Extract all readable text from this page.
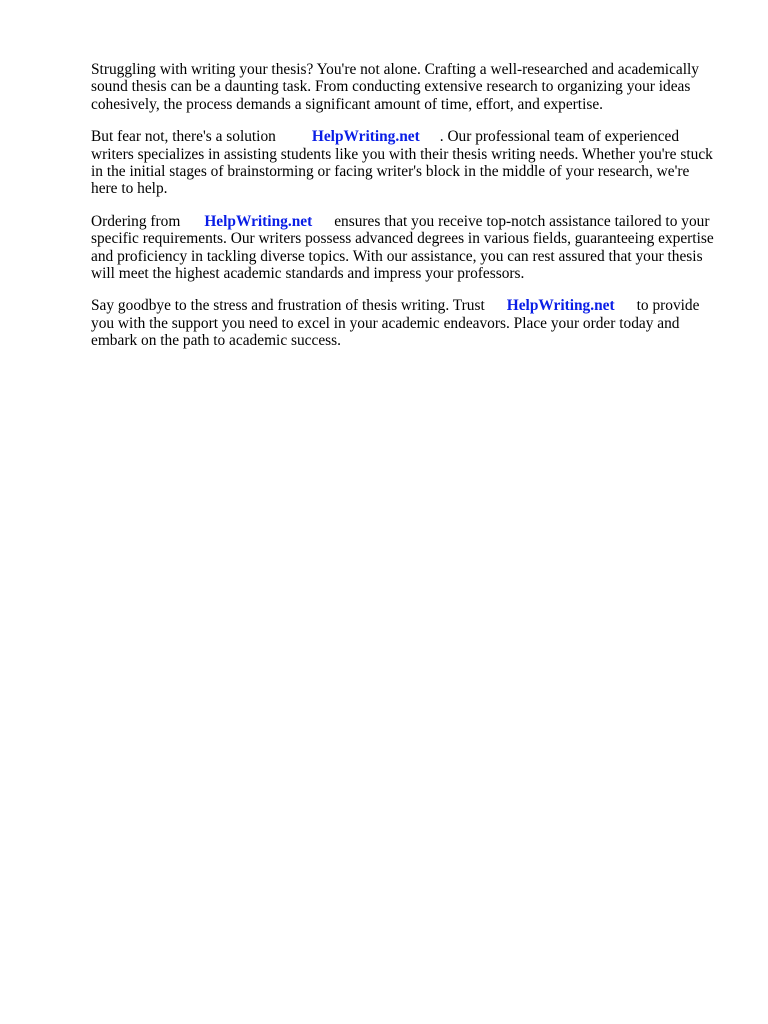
Struggling with writing your thesis? You're not alone. Crafting a well-researched and academically
sound thesis can be a daunting task. From conducting extensive research to organizing your ideas
cohesively, the process demands a significant amount of time, effort, and expertise.

But fear not, there's a solution HelpWriting.net . Our professional team of experienced
writers specializes in assisting students like you with their thesis writing needs. Whether you're stuck
in the initial stages of brainstorming or facing writer's block in the middle of your research, we're
here to help.

Ordering from HelpWriting.net ensures that you receive top-notch assistance tailored to your
specific requirements. Our writers possess advanced degrees in various fields, guaranteeing expertise
and proficiency in tackling diverse topics. With our assistance, you can rest assured that your thesis
will meet the highest academic standards and impress your professors.

Say goodbye to the stress and frustration of thesis writing. Trust HelpWriting.net to provide
you with the support you need to excel in your academic endeavors. Place your order today and
embark on the path to academic success.
